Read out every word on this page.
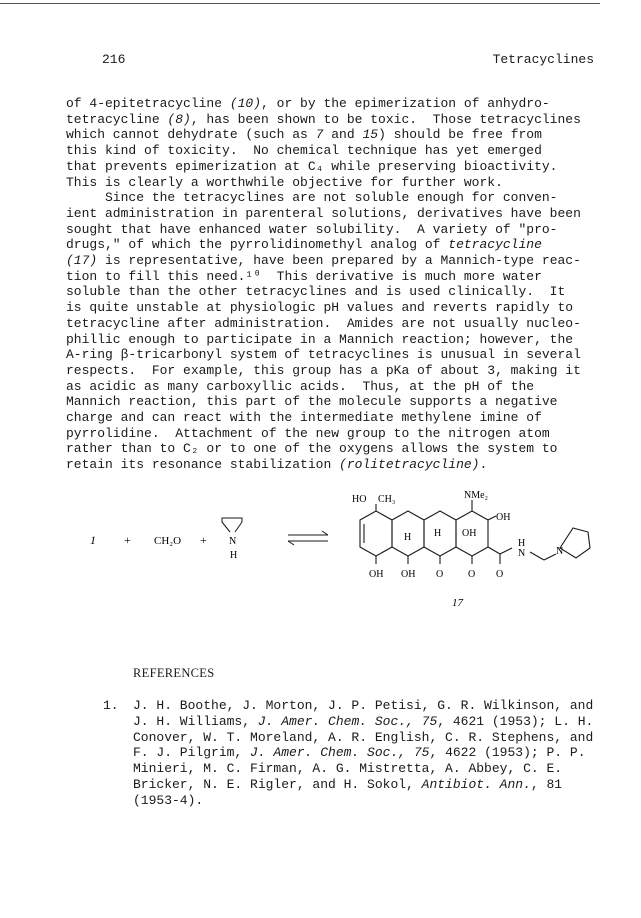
216	Tetracyclines
of 4-epitetracycline (10), or by the epimerization of anhydro-
tetracycline (8), has been shown to be toxic.  Those tetracyclines
which cannot dehydrate (such as 7 and 15) should be free from
this kind of toxicity.  No chemical technique has yet emerged
that prevents epimerization at C₄ while preserving bioactivity.
This is clearly a worthwhile objective for further work.
Since the tetracyclines are not soluble enough for conven-
ient administration in parenteral solutions, derivatives have been
sought that have enhanced water solubility.  A variety of "pro-
drugs," of which the pyrrolidinomethyl analog of tetracycline
(17) is representative, have been prepared by a Mannich-type reac-
tion to fill this need.¹⁰  This derivative is much more water
soluble than the other tetracyclines and is used clinically.  It
is quite unstable at physiologic pH values and reverts rapidly to
tetracycline after administration.  Amides are not usually nucleo-
phillic enough to participate in a Mannich reaction; however, the
A-ring β-tricarbonyl system of tetracyclines is unusual in several
respects.  For example, this group has a pKa of about 3, making it
as acidic as many carboxyllic acids.  Thus, at the pH of the
Mannich reaction, this part of the molecule supports a negative
charge and can react with the intermediate methylene imine of
pyrrolidine.  Attachment of the new group to the nitrogen atom
rather than to C₂ or to one of the oxygens allows the system to
retain its resonance stabilization (rolitetracycline).
1 + CH₂O + N
H
NMe₂
HO CH₃
OH
H H OH
H
N	N
OH OH O O O
17
REFERENCES
1. J. H. Boothe, J. Morton, J. P. Petisi, G. R. Wilkinson, and
J. H. Williams, J. Amer. Chem. Soc., 75, 4621 (1953); L. H.
Conover, W. T. Moreland, A. R. English, C. R. Stephens, and
F. J. Pilgrim, J. Amer. Chem. Soc., 75, 4622 (1953); P. P.
Minieri, M. C. Firman, A. G. Mistretta, A. Abbey, C. E.
Bricker, N. E. Rigler, and H. Sokol, Antibiot. Ann., 81
(1953-4).
